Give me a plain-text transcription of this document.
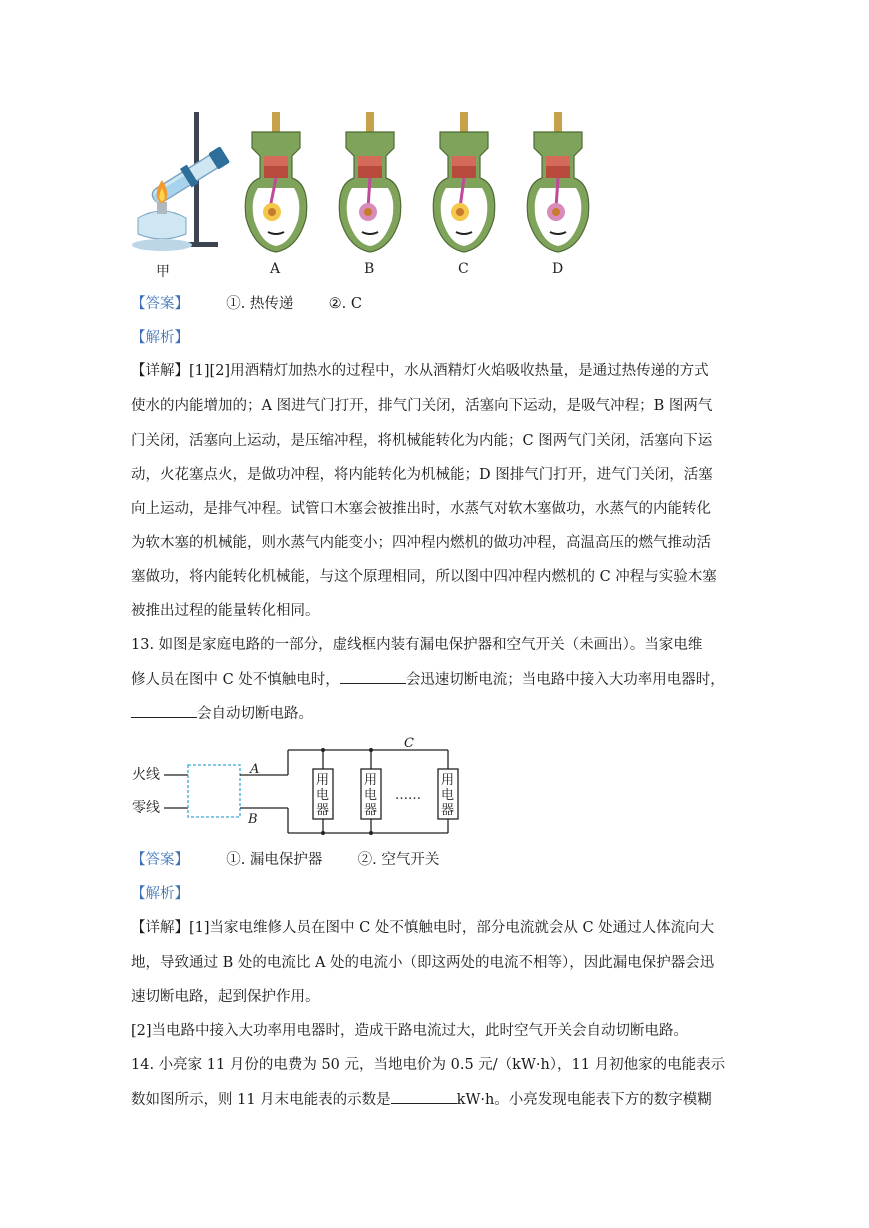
甲	A	B	C	D
【答案】	①. 热传递 ②. C
【解析】
【详解】[1][2]用酒精灯加热水的过程中，水从酒精灯火焰吸收热量，是通过热传递的方式
使水的内能增加的；A 图进气门打开，排气门关闭，活塞向下运动，是吸气冲程；B 图两气
门关闭，活塞向上运动，是压缩冲程，将机械能转化为内能；C 图两气门关闭，活塞向下运
动，火花塞点火，是做功冲程，将内能转化为机械能；D 图排气门打开，进气门关闭，活塞
向上运动，是排气冲程。试管口木塞会被推出时，水蒸气对软木塞做功，水蒸气的内能转化
为软木塞的机械能，则水蒸气内能变小；四冲程内燃机的做功冲程，高温高压的燃气推动活
塞做功，将内能转化机械能，与这个原理相同，所以图中四冲程内燃机的 C 冲程与实验木塞
被推出过程的能量转化相同。
13. 如图是家庭电路的一部分，虚线框内装有漏电保护器和空气开关（未画出）。当家电维
修人员在图中 C 处不慎触电时，	会迅速切断电流；当电路中接入大功率用电器时，
会自动切断电路。
火线
零线
A
B
C
用
电
器
用
电
器
……
用
电
器
【答案】	①. 漏电保护器 ②. 空气开关
【解析】
【详解】[1]当家电维修人员在图中 C 处不慎触电时，部分电流就会从 C 处通过人体流向大
地，导致通过 B 处的电流比 A 处的电流小（即这两处的电流不相等），因此漏电保护器会迅
速切断电路，起到保护作用。
[2]当电路中接入大功率用电器时，造成干路电流过大，此时空气开关会自动切断电路。
14. 小亮家 11 月份的电费为 50 元，当地电价为 0.5 元/（kW·h），11 月初他家的电能表示
数如图所示，则 11 月末电能表的示数是	kW·h。小亮发现电能表下方的数字模糊
